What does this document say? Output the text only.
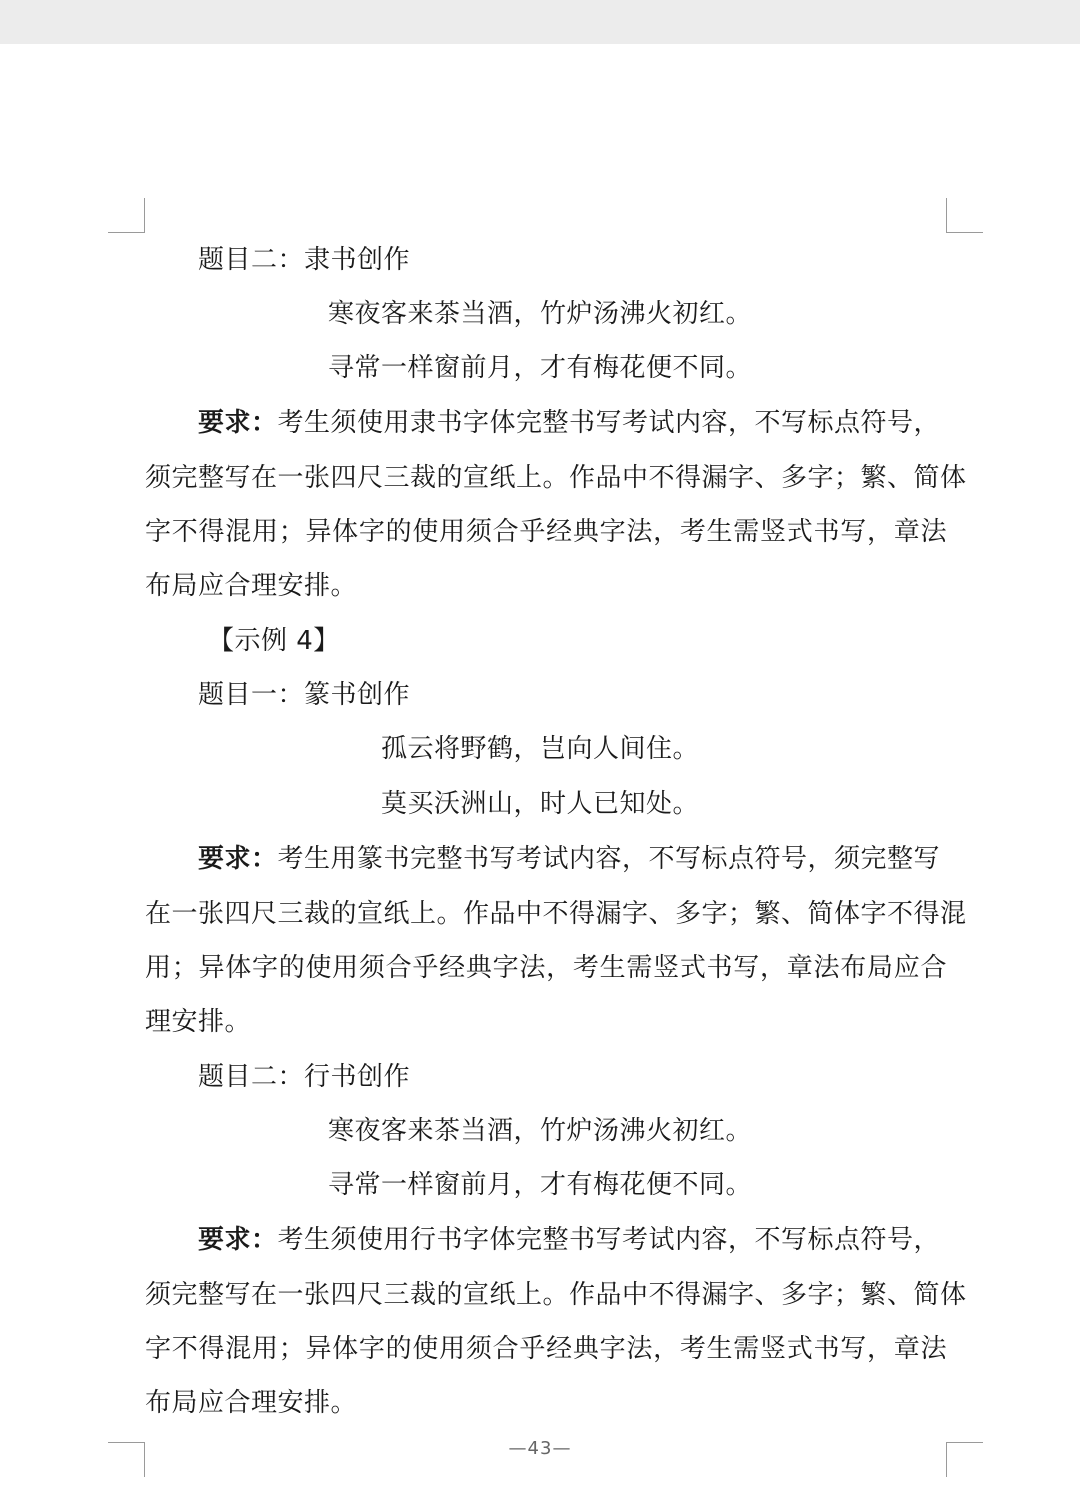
题目二：隶书创作
寒夜客来茶当酒，竹炉汤沸火初红。
寻常一样窗前月，才有梅花便不同。
要求：考生须使用隶书字体完整书写考试内容，不写标点符号，
须完整写在一张四尺三裁的宣纸上。作品中不得漏字、多字；繁、简体
字不得混用；异体字的使用须合乎经典字法，考生需竖式书写，章法
布局应合理安排。
【示例 4】
题目一：篆书创作
孤云将野鹤，岂向人间住。
莫买沃洲山，时人已知处。
要求：考生用篆书完整书写考试内容，不写标点符号，须完整写
在一张四尺三裁的宣纸上。作品中不得漏字、多字；繁、简体字不得混
用；异体字的使用须合乎经典字法，考生需竖式书写，章法布局应合
理安排。
题目二：行书创作
寒夜客来茶当酒，竹炉汤沸火初红。
寻常一样窗前月，才有梅花便不同。
要求：考生须使用行书字体完整书写考试内容，不写标点符号，
须完整写在一张四尺三裁的宣纸上。作品中不得漏字、多字；繁、简体
字不得混用；异体字的使用须合乎经典字法，考生需竖式书写，章法
布局应合理安排。
—43—
